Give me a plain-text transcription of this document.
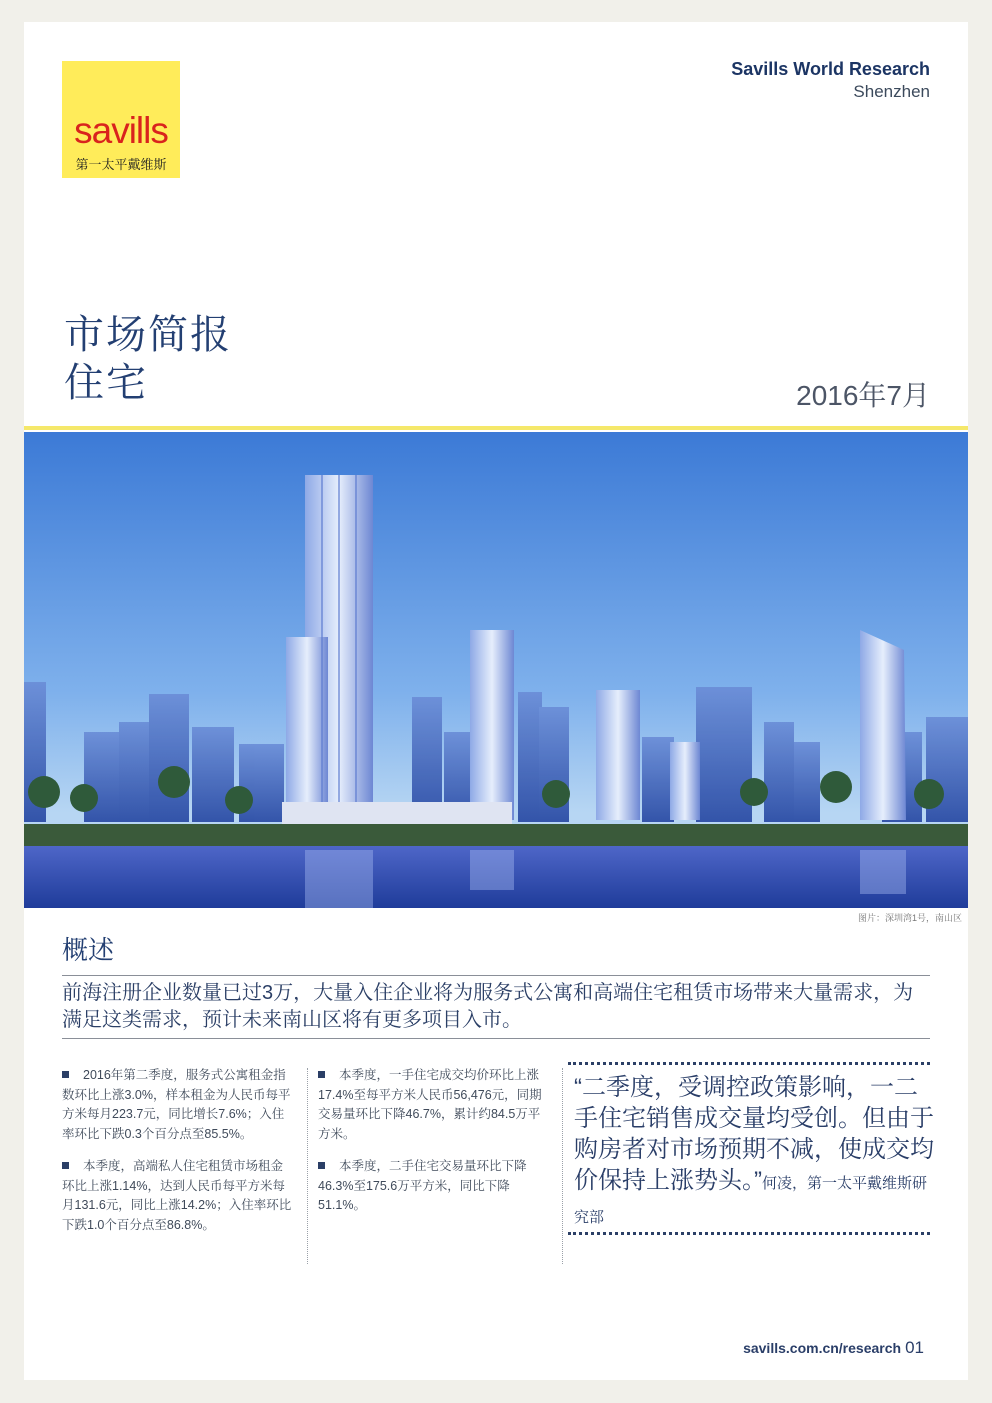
savills
第一太平戴维斯
Savills World Research
Shenzhen
市场简报
住宅	2016年7月
图片：深圳湾1号，南山区
概述
前海注册企业数量已过3万，大量入住企业将为服务式公寓和高端住宅租赁市场带来大量需求，为满足这类需求，预计未来南山区将有更多项目入市。

2016年第二季度，服务式公寓租金指数环比上涨3.0%，样本租金为人民币每平方米每月223.7元，同比增长7.6%；入住率环比下跌0.3个百分点至85.5%。

本季度，高端私人住宅租赁市场租金环比上涨1.14%，达到人民币每平方米每月131.6元，同比上涨14.2%；入住率环比下跌1.0个百分点至86.8%。

本季度，一手住宅成交均价环比上涨17.4%至每平方米人民币56,476元，同期交易量环比下降46.7%，累计约84.5万平方米。

本季度，二手住宅交易量环比下降46.3%至175.6万平方米，同比下降51.1%。

“二季度，受调控政策影响，一二手住宅销售成交量均受创。但由于购房者对市场预期不减，使成交均价保持上涨势头。”何凌，第一太平戴维斯研究部
savills.com.cn/research 01
